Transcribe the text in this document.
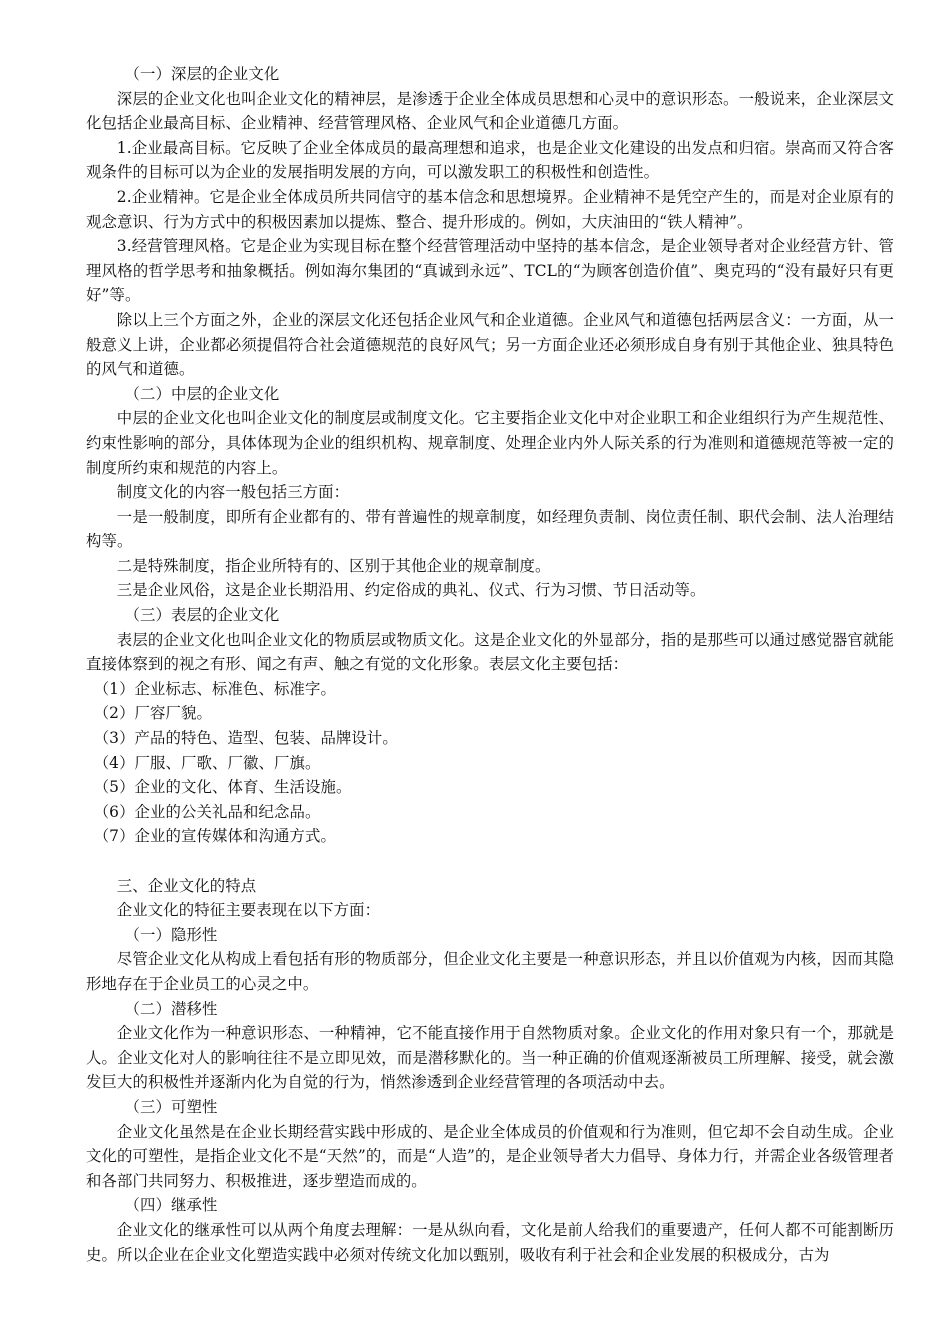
（一）深层的企业文化

深层的企业文化也叫企业文化的精神层，是渗透于企业全体成员思想和心灵中的意识形态。一般说来，企业深层文化包括企业最高目标、企业精神、经营管理风格、企业风气和企业道德几方面。

1.企业最高目标。它反映了企业全体成员的最高理想和追求，也是企业文化建设的出发点和归宿。崇高而又符合客观条件的目标可以为企业的发展指明发展的方向，可以激发职工的积极性和创造性。

2.企业精神。它是企业全体成员所共同信守的基本信念和思想境界。企业精神不是凭空产生的，而是对企业原有的观念意识、行为方式中的积极因素加以提炼、整合、提升形成的。例如，大庆油田的“铁人精神”。

3.经营管理风格。它是企业为实现目标在整个经营管理活动中坚持的基本信念，是企业领导者对企业经营方针、管理风格的哲学思考和抽象概括。例如海尔集团的“真诚到永远”、TCL的“为顾客创造价值”、奥克玛的“没有最好只有更好”等。

除以上三个方面之外，企业的深层文化还包括企业风气和企业道德。企业风气和道德包括两层含义：一方面，从一般意义上讲，企业都必须提倡符合社会道德规范的良好风气；另一方面企业还必须形成自身有别于其他企业、独具特色的风气和道德。

（二）中层的企业文化

中层的企业文化也叫企业文化的制度层或制度文化。它主要指企业文化中对企业职工和企业组织行为产生规范性、约束性影响的部分，具体体现为企业的组织机构、规章制度、处理企业内外人际关系的行为准则和道德规范等被一定的制度所约束和规范的内容上。

制度文化的内容一般包括三方面：

一是一般制度，即所有企业都有的、带有普遍性的规章制度，如经理负责制、岗位责任制、职代会制、法人治理结构等。

二是特殊制度，指企业所特有的、区别于其他企业的规章制度。

三是企业风俗，这是企业长期沿用、约定俗成的典礼、仪式、行为习惯、节日活动等。

（三）表层的企业文化

表层的企业文化也叫企业文化的物质层或物质文化。这是企业文化的外显部分，指的是那些可以通过感觉器官就能直接体察到的视之有形、闻之有声、触之有觉的文化形象。表层文化主要包括：

（1）企业标志、标准色、标准字。

（2）厂容厂貌。

（3）产品的特色、造型、包装、品牌设计。

（4）厂服、厂歌、厂徽、厂旗。

（5）企业的文化、体育、生活设施。

（6）企业的公关礼品和纪念品。

（7）企业的宣传媒体和沟通方式。

三、企业文化的特点

企业文化的特征主要表现在以下方面：

（一）隐形性

尽管企业文化从构成上看包括有形的物质部分，但企业文化主要是一种意识形态，并且以价值观为内核，因而其隐形地存在于企业员工的心灵之中。

（二）潜移性

企业文化作为一种意识形态、一种精神，它不能直接作用于自然物质对象。企业文化的作用对象只有一个，那就是人。企业文化对人的影响往往不是立即见效，而是潜移默化的。当一种正确的价值观逐渐被员工所理解、接受，就会激发巨大的积极性并逐渐内化为自觉的行为，悄然渗透到企业经营管理的各项活动中去。

（三）可塑性

企业文化虽然是在企业长期经营实践中形成的、是企业全体成员的价值观和行为准则，但它却不会自动生成。企业文化的可塑性，是指企业文化不是“天然”的，而是“人造”的，是企业领导者大力倡导、身体力行，并需企业各级管理者和各部门共同努力、积极推进，逐步塑造而成的。

（四）继承性

企业文化的继承性可以从两个角度去理解：一是从纵向看，文化是前人给我们的重要遗产，任何人都不可能割断历史。所以企业在企业文化塑造实践中必须对传统文化加以甄别，吸收有利于社会和企业发展的积极成分，古为
